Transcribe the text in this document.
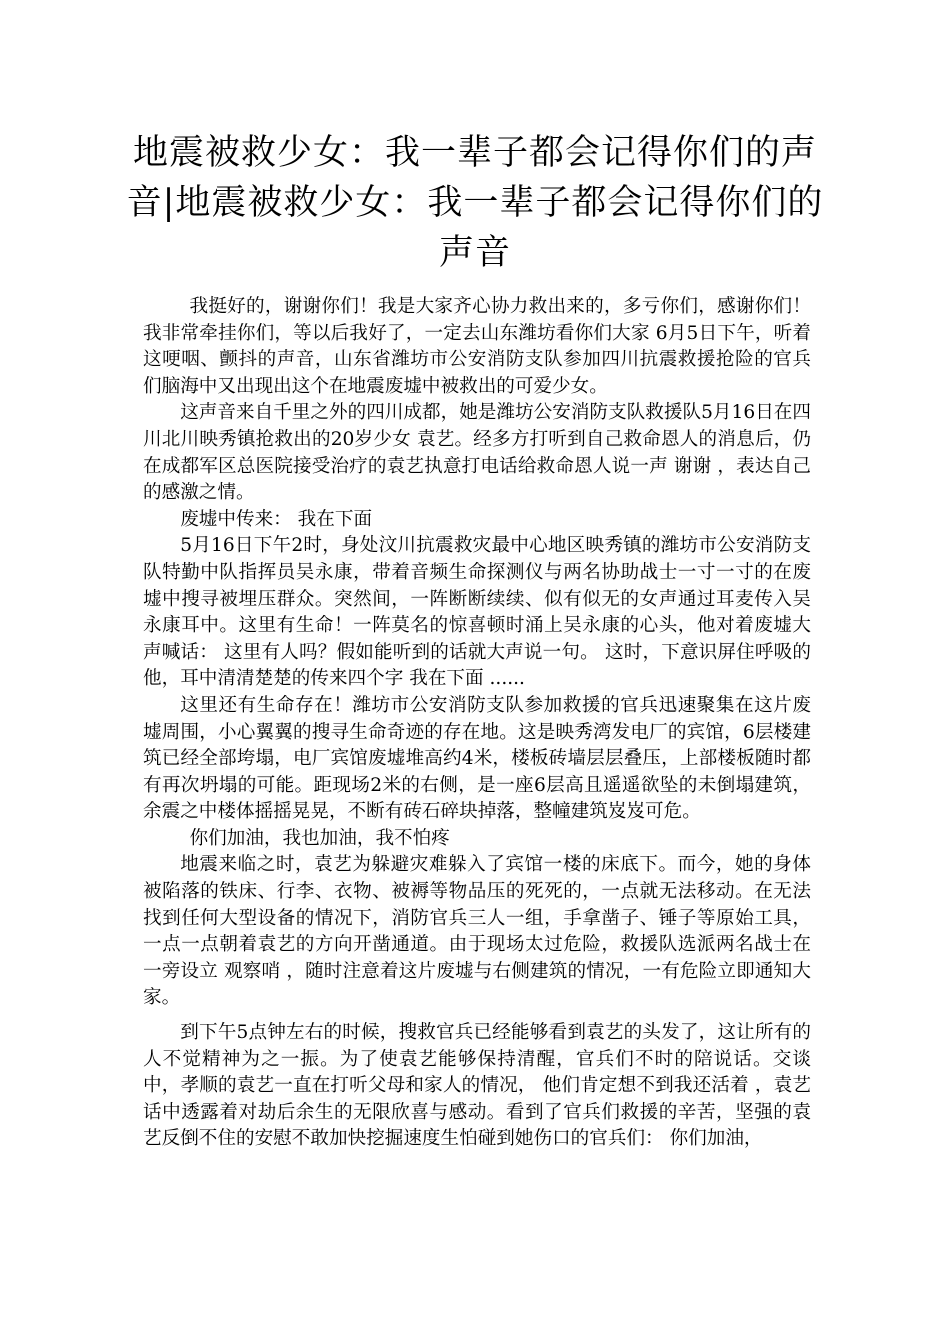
地震被救少女：我一辈子都会记得你们的声音|地震被救少女：我一辈子都会记得你们的声音

我挺好的，谢谢你们！我是大家齐心协力救出来的，多亏你们，感谢你们！我非常牵挂你们，等以后我好了，一定去山东潍坊看你们大家 6月5日下午，听着这哽咽、颤抖的声音，山东省潍坊市公安消防支队参加四川抗震救援抢险的官兵们脑海中又出现出这个在地震废墟中被救出的可爱少女。

这声音来自千里之外的四川成都，她是潍坊公安消防支队救援队5月16日在四川北川映秀镇抢救出的20岁少女 袁艺。经多方打听到自己救命恩人的消息后，仍在成都军区总医院接受治疗的袁艺执意打电话给救命恩人说一声 谢谢 ，表达自己的感激之情。

废墟中传来： 我在下面

5月16日下午2时，身处汶川抗震救灾最中心地区映秀镇的潍坊市公安消防支队特勤中队指挥员吴永康，带着音频生命探测仪与两名协助战士一寸一寸的在废墟中搜寻被埋压群众。突然间，一阵断断续续、似有似无的女声通过耳麦传入吴永康耳中。这里有生命！一阵莫名的惊喜顿时涌上吴永康的心头，他对着废墟大声喊话： 这里有人吗？假如能听到的话就大声说一句。 这时，下意识屏住呼吸的他，耳中清清楚楚的传来四个字 我在下面 ......

这里还有生命存在！潍坊市公安消防支队参加救援的官兵迅速聚集在这片废墟周围，小心翼翼的搜寻生命奇迹的存在地。这是映秀湾发电厂的宾馆，6层楼建筑已经全部垮塌，电厂宾馆废墟堆高约4米，楼板砖墙层层叠压，上部楼板随时都有再次坍塌的可能。距现场2米的右侧，是一座6层高且遥遥欲坠的未倒塌建筑，余震之中楼体摇摇晃晃，不断有砖石碎块掉落，整幢建筑岌岌可危。

你们加油，我也加油，我不怕疼

地震来临之时，袁艺为躲避灾难躲入了宾馆一楼的床底下。而今，她的身体被陷落的铁床、行李、衣物、被褥等物品压的死死的，一点就无法移动。在无法找到任何大型设备的情况下，消防官兵三人一组，手拿凿子、锤子等原始工具，一点一点朝着袁艺的方向开凿通道。由于现场太过危险，救援队选派两名战士在一旁设立 观察哨 ，随时注意着这片废墟与右侧建筑的情况，一有危险立即通知大家。

到下午5点钟左右的时候，搜救官兵已经能够看到袁艺的头发了，这让所有的人不觉精神为之一振。为了使袁艺能够保持清醒，官兵们不时的陪说话。交谈中，孝顺的袁艺一直在打听父母和家人的情况， 他们肯定想不到我还活着 ，袁艺话中透露着对劫后余生的无限欣喜与感动。看到了官兵们救援的辛苦，坚强的袁艺反倒不住的安慰不敢加快挖掘速度生怕碰到她伤口的官兵们： 你们加油，
